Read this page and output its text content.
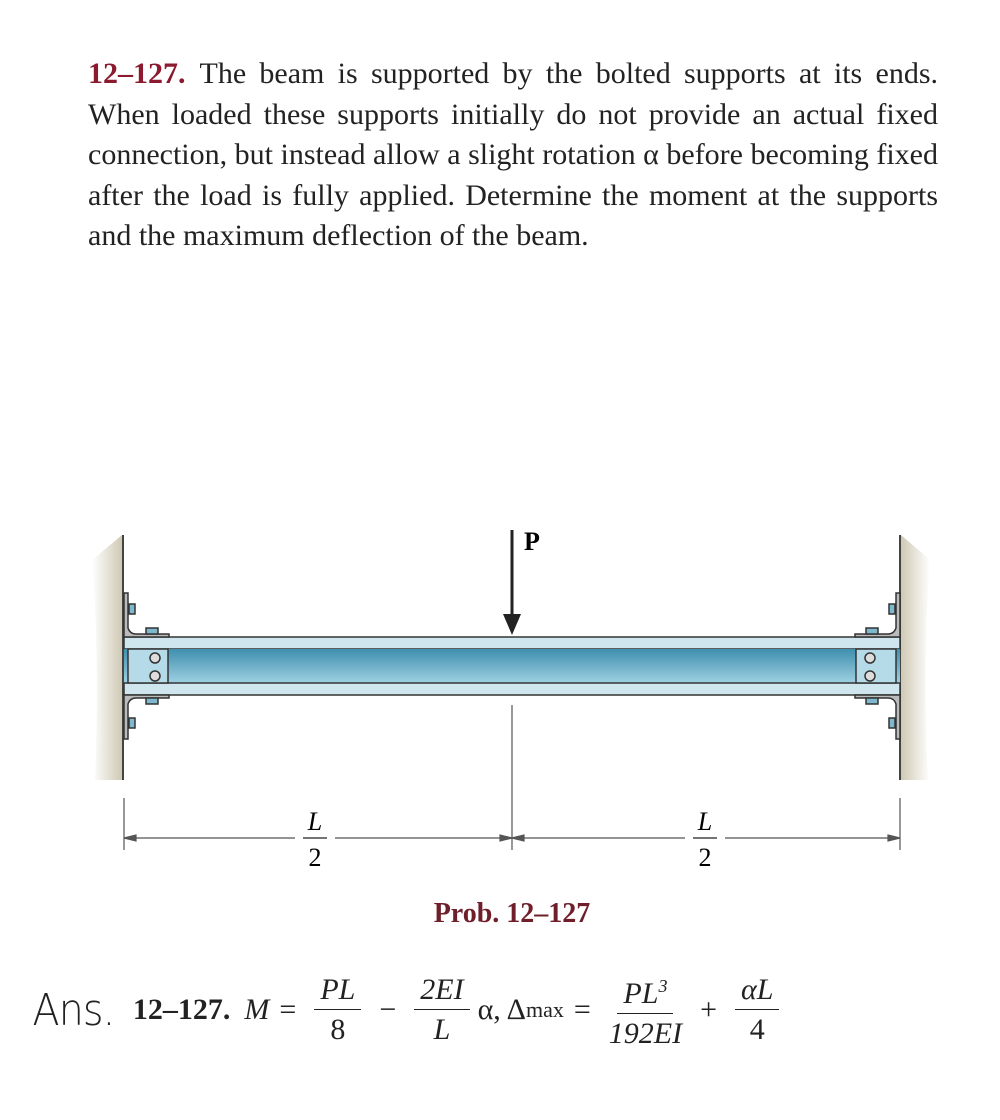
12–127. The beam is supported by the bolted supports at its ends. When loaded these supports initially do not provide an actual fixed connection, but instead allow a slight rotation α before becoming fixed after the load is fully applied. Determine the moment at the supports and the maximum deflection of the beam.
P
L
2
L
2
Prob. 12–127
Ans. 12–127. $M = \frac{PL}{8} - \frac{2EI}{L} \alpha$, Δ $\max = \frac{PL^3}{192EI} + \frac{\alpha L}{4}$
